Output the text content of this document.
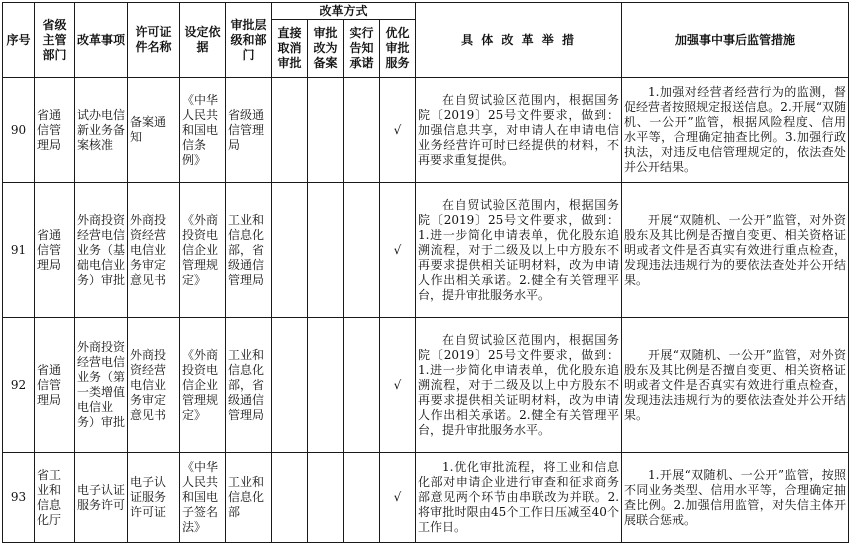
序号	省级主管部门	改革事项	许可证件名称	设定依据	审批层级和部门	改革方式				具 体 改 革 举 措	加强事中事后监管措施
						直接取消审批	审批改为备案	实行告知承诺	优化审批服务		
90	省通信管理局	试办电信新业务备案核准	备案通知	《中华人民共和国电信条例》	省级通信管理局				√	在自贸试验区范围内，根据国务院〔2019〕25号文件要求，做到：加强信息共享，对申请人在申请电信业务经营许可时已经提供的材料，不再要求重复提供。	1.加强对经营者经营行为的监测，督促经营者按照规定报送信息。2.开展“双随机、一公开”监管，根据风险程度、信用水平等，合理确定抽查比例。3.加强行政执法，对违反电信管理规定的，依法查处并公开结果。
91	省通信管理局	外商投资经营电信业务（基础电信业务）审批	外商投资经营电信业务审定意见书	《外商投资电信企业管理规定》	工业和信息化部，省级通信管理局				√	在自贸试验区范围内，根据国务院〔2019〕25号文件要求，做到：1.进一步简化申请表单，优化股东追溯流程，对于二级及以上中方股东不再要求提供相关证明材料，改为申请人作出相关承诺。2.健全有关管理平台，提升审批服务水平。	开展“双随机、一公开”监管，对外资股东及其比例是否擅自变更、相关资格证明或者文件是否真实有效进行重点检查，发现违法违规行为的要依法查处并公开结果。
92	省通信管理局	外商投资经营电信业务（第一类增值电信业务）审批	外商投资经营电信业务审定意见书	《外商投资电信企业管理规定》	工业和信息化部，省级通信管理局				√	在自贸试验区范围内，根据国务院〔2019〕25号文件要求，做到：1.进一步简化申请表单，优化股东追溯流程，对于二级及以上中方股东不再要求提供相关证明材料，改为申请人作出相关承诺。2.健全有关管理平台，提升审批服务水平。	开展“双随机、一公开”监管，对外资股东及其比例是否擅自变更、相关资格证明或者文件是否真实有效进行重点检查，发现违法违规行为的要依法查处并公开结果。
93	省工业和信息化厅	电子认证服务许可	电子认证服务许可证	《中华人民共和国电子签名法》	工业和信息化部				√	1.优化审批流程，将工业和信息化部对申请企业进行审查和征求商务部意见两个环节由串联改为并联。2.将审批时限由45个工作日压减至40个工作日。	1.开展“双随机、一公开”监管，按照不同业务类型、信用水平等，合理确定抽查比例。2.加强信用监管，对失信主体开展联合惩戒。
